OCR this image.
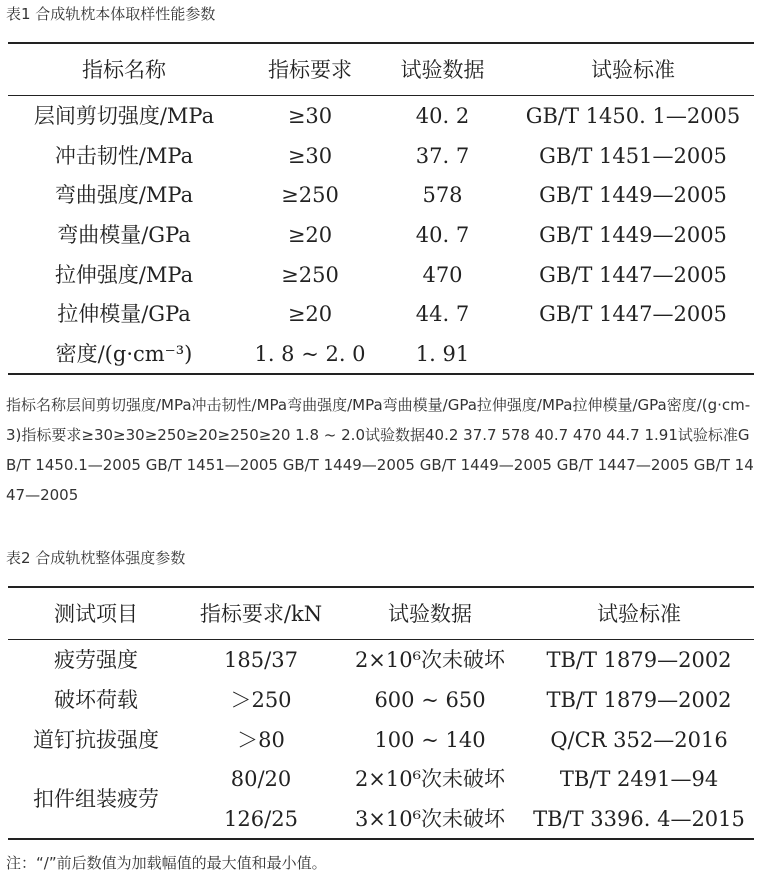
表1 合成轨枕本体取样性能参数
指标名称	指标要求	试验数据	试验标准
层间剪切强度/MPa	≥30	40. 2	GB/T 1450. 1—2005
冲击韧性/MPa	≥30	37. 7	GB/T 1451—2005
弯曲强度/MPa	≥250	578	GB/T 1449—2005
弯曲模量/GPa	≥20	40. 7	GB/T 1449—2005
拉伸强度/MPa	≥250	470	GB/T 1447—2005
拉伸模量/GPa	≥20	44. 7	GB/T 1447—2005
密度/(g·cm⁻³)	1. 8 ~ 2. 0	1. 91
指标名称层间剪切强度/MPa冲击韧性/MPa弯曲强度/MPa弯曲模量/GPa拉伸强度/MPa拉伸模量/GPa密度/(g·cm-3)指标要求≥30≥30≥250≥20≥250≥20 1.8 ~ 2.0试验数据40.2 37.7 578 40.7 470 44.7 1.91试验标准GB/T 1450.1—2005 GB/T 1451—2005 GB/T 1449—2005 GB/T 1449—2005 GB/T 1447—2005 GB/T 1447—2005
表2 合成轨枕整体强度参数
测试项目	指标要求/kN	试验数据	试验标准
疲劳强度	185/37	2×10⁶次未破坏	TB/T 1879—2002
破坏荷载	＞250	600 ~ 650	TB/T 1879—2002
道钉抗拔强度	＞80	100 ~ 140	Q/CR 352—2016
扣件组装疲劳
80/20	2×10⁶次未破坏	TB/T 2491—94
126/25	3×10⁶次未破坏	TB/T 3396. 4—2015
注：“/”前后数值为加载幅值的最大值和最小值。
